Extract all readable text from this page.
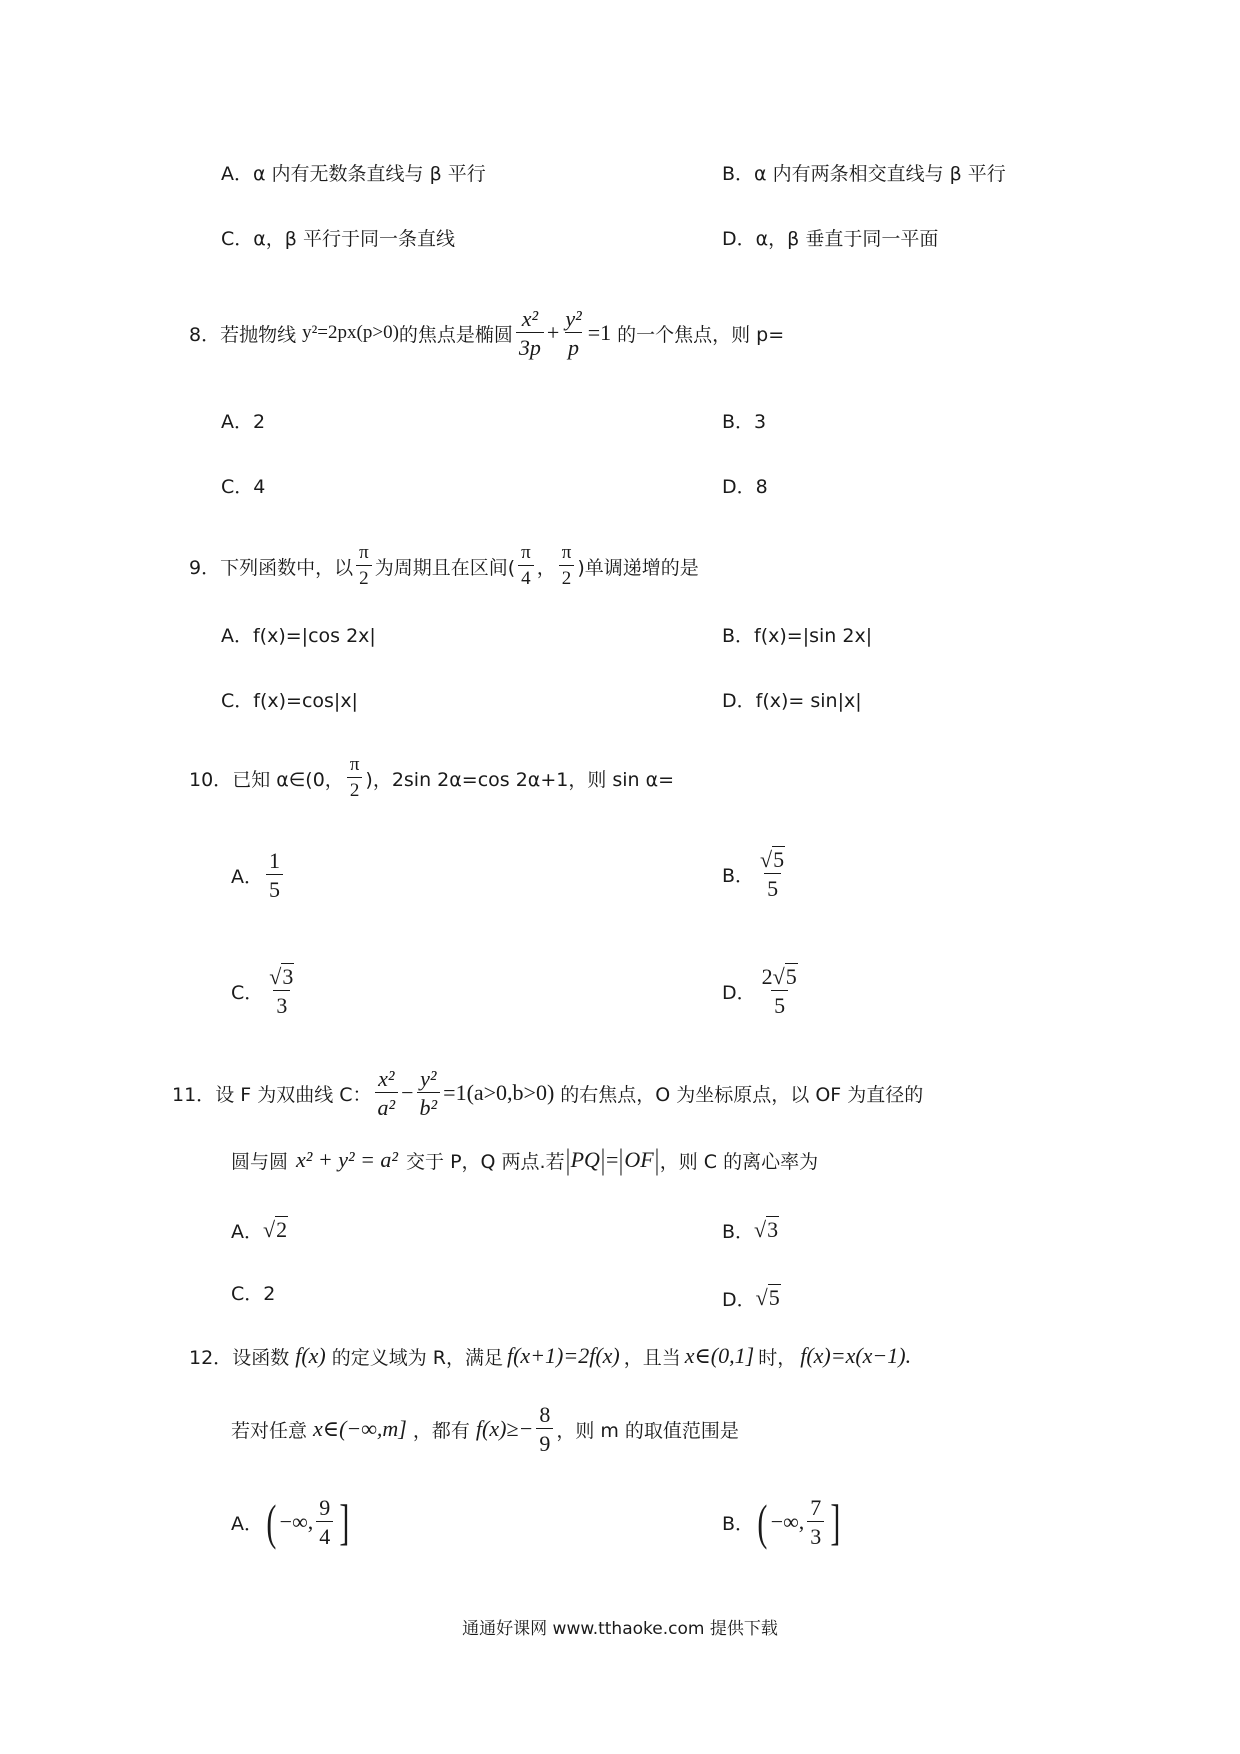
A．α 内有无数条直线与 β 平行	B．α 内有两条相交直线与 β 平行
C．α，β 平行于同一条直线	D．α，β 垂直于同一平面
8． 若抛物线 y²=2px(p>0) 的焦点是椭圆 $\frac{\text{x²}}{3p} + \frac{\text{y²}}{p} =1$ 的一个焦点，则 p=
A．2	B．3
C．4	D．8
9． 下列函数中，以 $\frac{\pi}{2}$ 为周期且在区间( $\frac{\pi}{4}$ ， $\frac{\pi}{2}$ )单调递增的是
A．f(x)=|cos 2x|	B．f(x)=|sin 2x|
C．f(x)=cos|x|	D．f(x)= sin|x|
10． 已知 α∈(0， $\frac{\pi}{2}$ )，2sin 2α=cos 2α+1，则 sin α=
A． $\frac{1}{5}$	B． $\frac{√5}{5}$
C． $\frac{√3}{3}$	D． $\frac{2√5}{5}$
11． 设 F 为双曲线 C： $\frac{\text{x²}}{\text{a²}} - \frac{\text{y²}}{\text{b²}} =1(a>0,b>0)$ 的右焦点，O 为坐标原点，以 OF 为直径的
圆与圆 x² + y² = a² 交于 P，Q 两点.若 | PQ | = | OF | ，则 C 的离心率为
A． √2	B． √3
C．2	D． √5
12． 设函数 f(x) 的定义域为 R，满足 f(x+1)=2f(x) ，且当 x∈(0,1] 时， f(x)=x(x−1).
若对任意 x∈(−∞,m] ，都有 $f(x)\ge- \frac{8}{9}$ ，则 m 的取值范围是
A． ( −∞, $\frac{9}{4}$ ]	B． ( −∞, $\frac{7}{3}$ ]
通通好课网 www.tthaoke.com 提供下载
